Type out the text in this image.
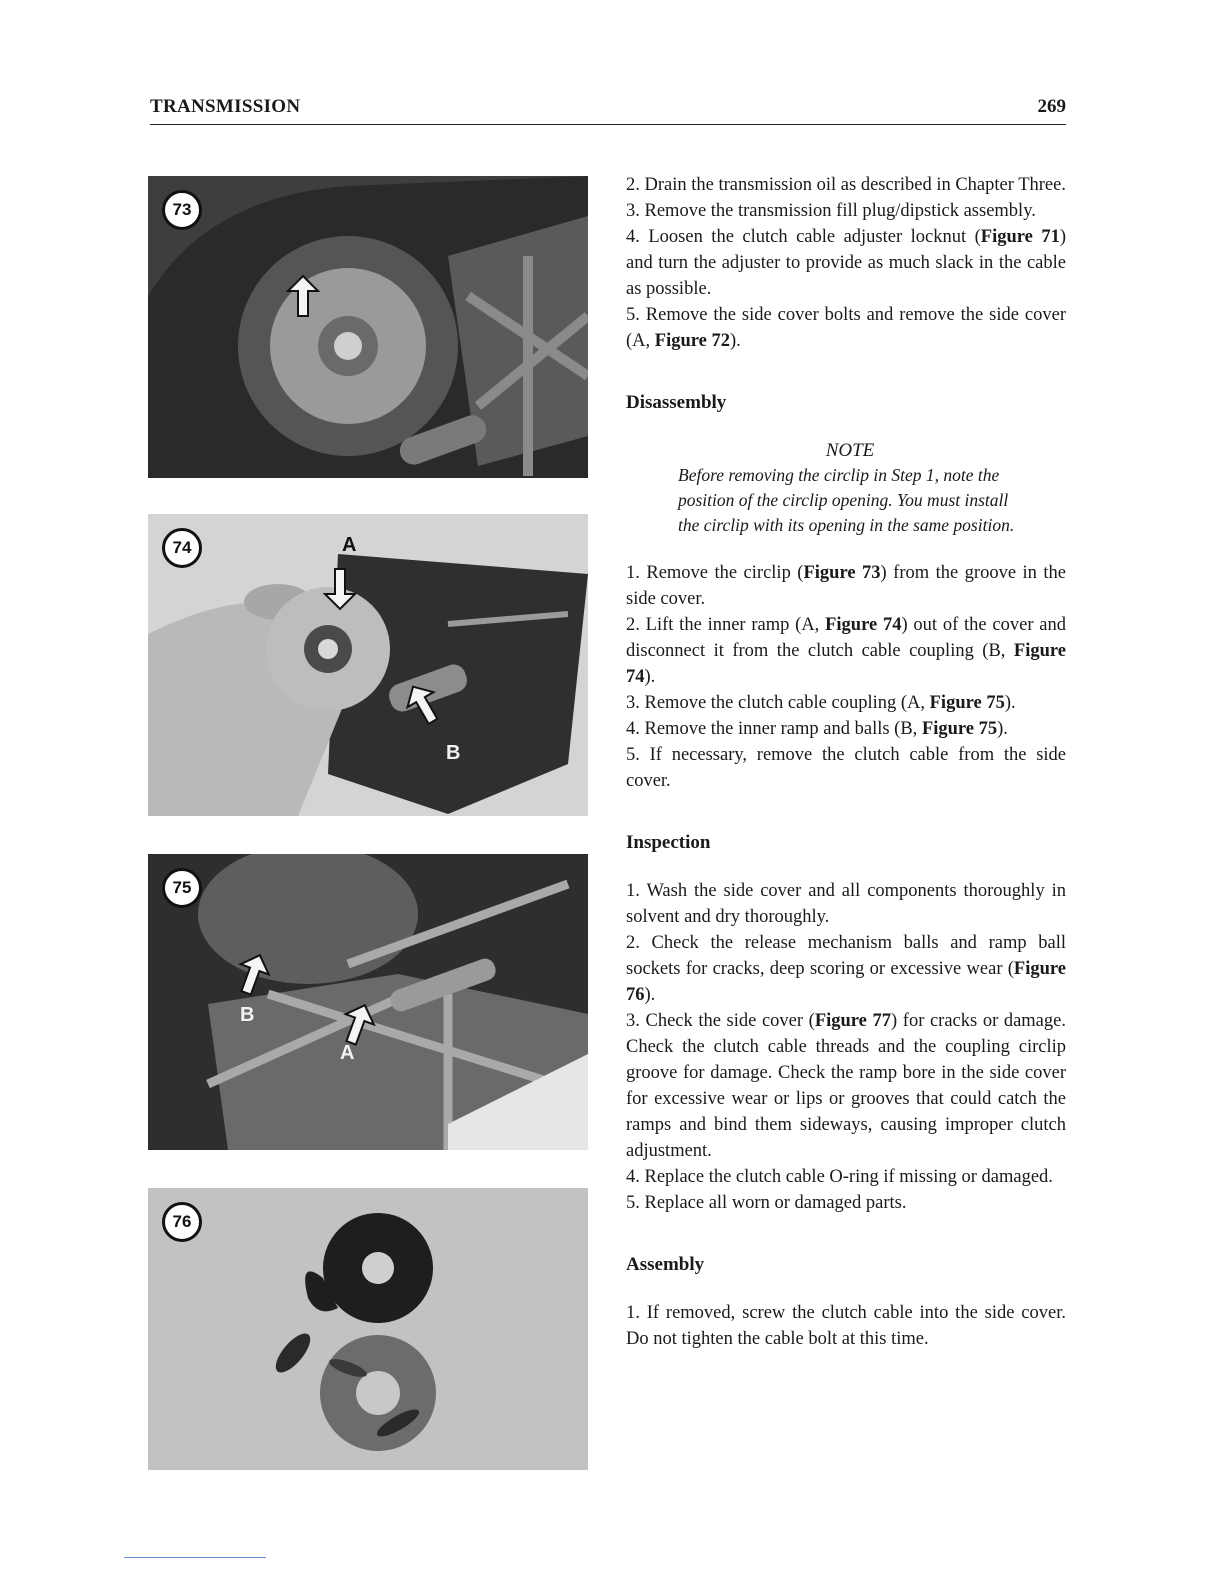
TRANSMISSION	269
73
74	A
B
75
B
A
76

2. Drain the transmission oil as described in Chapter Three.

3. Remove the transmission fill plug/dipstick assembly.

4. Loosen the clutch cable adjuster locknut (Figure 71) and turn the adjuster to provide as much slack in the cable as possible.

5. Remove the side cover bolts and remove the side cover (A, Figure 72).

Disassembly
NOTE
Before removing the circlip in Step 1, note the position of the circlip opening. You must install the circlip with its opening in the same position.

1. Remove the circlip (Figure 73) from the groove in the side cover.

2. Lift the inner ramp (A, Figure 74) out of the cover and disconnect it from the clutch cable coupling (B, Figure 74).

3. Remove the clutch cable coupling (A, Figure 75).

4. Remove the inner ramp and balls (B, Figure 75).

5. If necessary, remove the clutch cable from the side cover.

Inspection

1. Wash the side cover and all components thoroughly in solvent and dry thoroughly.

2. Check the release mechanism balls and ramp ball sockets for cracks, deep scoring or excessive wear (Figure 76).

3. Check the side cover (Figure 77) for cracks or damage. Check the clutch cable threads and the coupling circlip groove for damage. Check the ramp bore in the side cover for excessive wear or lips or grooves that could catch the ramps and bind them sideways, causing improper clutch adjustment.

4. Replace the clutch cable O-ring if missing or damaged.

5. Replace all worn or damaged parts.

Assembly

1. If removed, screw the clutch cable into the side cover. Do not tighten the cable bolt at this time.
